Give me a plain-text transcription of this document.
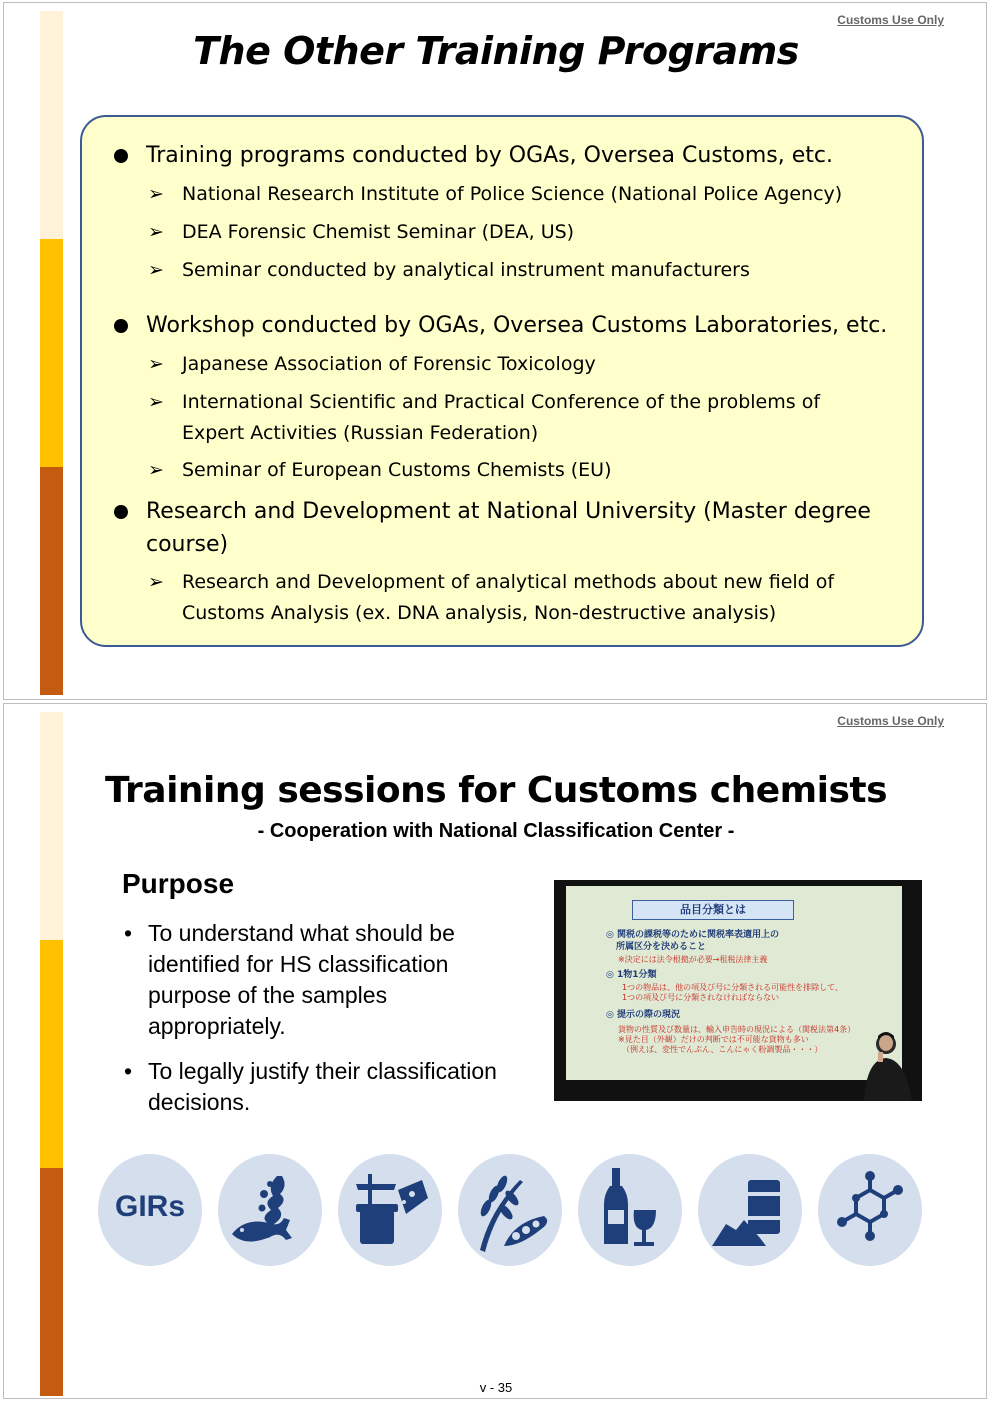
Customs Use Only
The Other Training Programs
Training programs conducted by OGAs, Oversea Customs, etc.
➢ National Research Institute of Police Science (National Police Agency)
➢ DEA Forensic Chemist Seminar (DEA, US)
➢ Seminar conducted by analytical instrument manufacturers
Workshop conducted by OGAs, Oversea Customs Laboratories, etc.
➢ Japanese Association of Forensic Toxicology
➢ International Scientific and Practical Conference of the problems of Expert Activities (Russian Federation)
➢ Seminar of European Customs Chemists (EU)
Research and Development at National University (Master degree course)
➢ Research and Development of analytical methods about new field of Customs Analysis (ex. DNA analysis, Non-destructive analysis)
Customs Use Only
Training sessions for Customs chemists
- Cooperation with National Classification Center -
Purpose
• To understand what should be identified for HS classification purpose of the samples appropriately.
• To legally justify their classification decisions.
品目分類とは
◎ 関税の課税等のために関税率表適用上の
所属区分を決めること
※決定には法令根拠が必要→租税法律主義
◎ 1物1分類
1つの物品は、他の項及び号に分類される可能性を排除して、
1つの項及び号に分類されなければならない
◎ 提示の際の現況
貨物の性質及び数量は、輸入申告時の現況による（関税法第4条）
※見た目（外観）だけの判断では不可能な貨物も多い
（例えば、変性でんぷん、こんにゃく粉調製品・・・）
GIRs
v - 35
